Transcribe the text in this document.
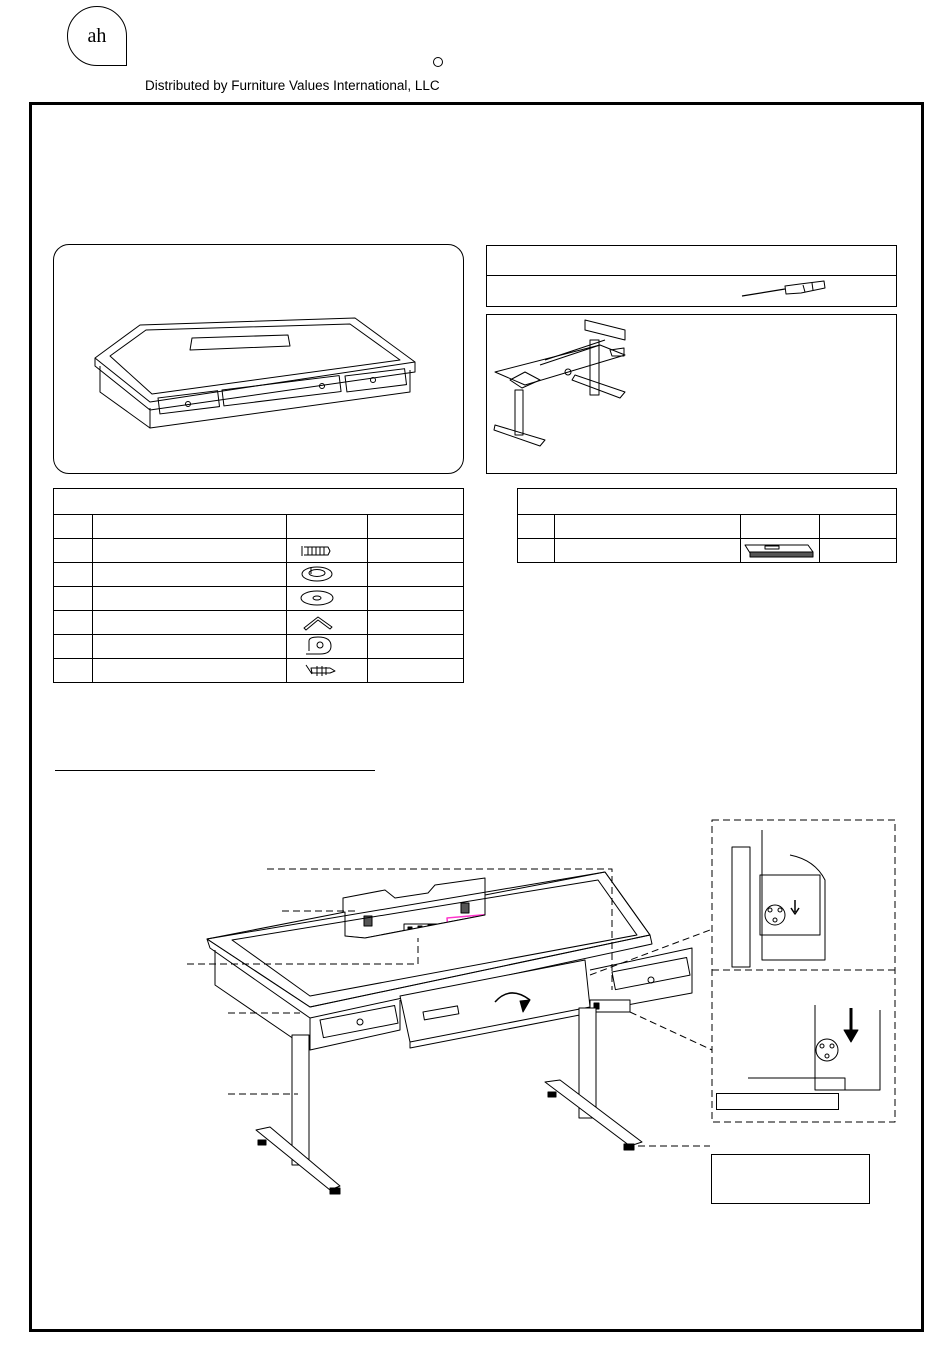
ah
Distributed by Furniture Values International, LLC
